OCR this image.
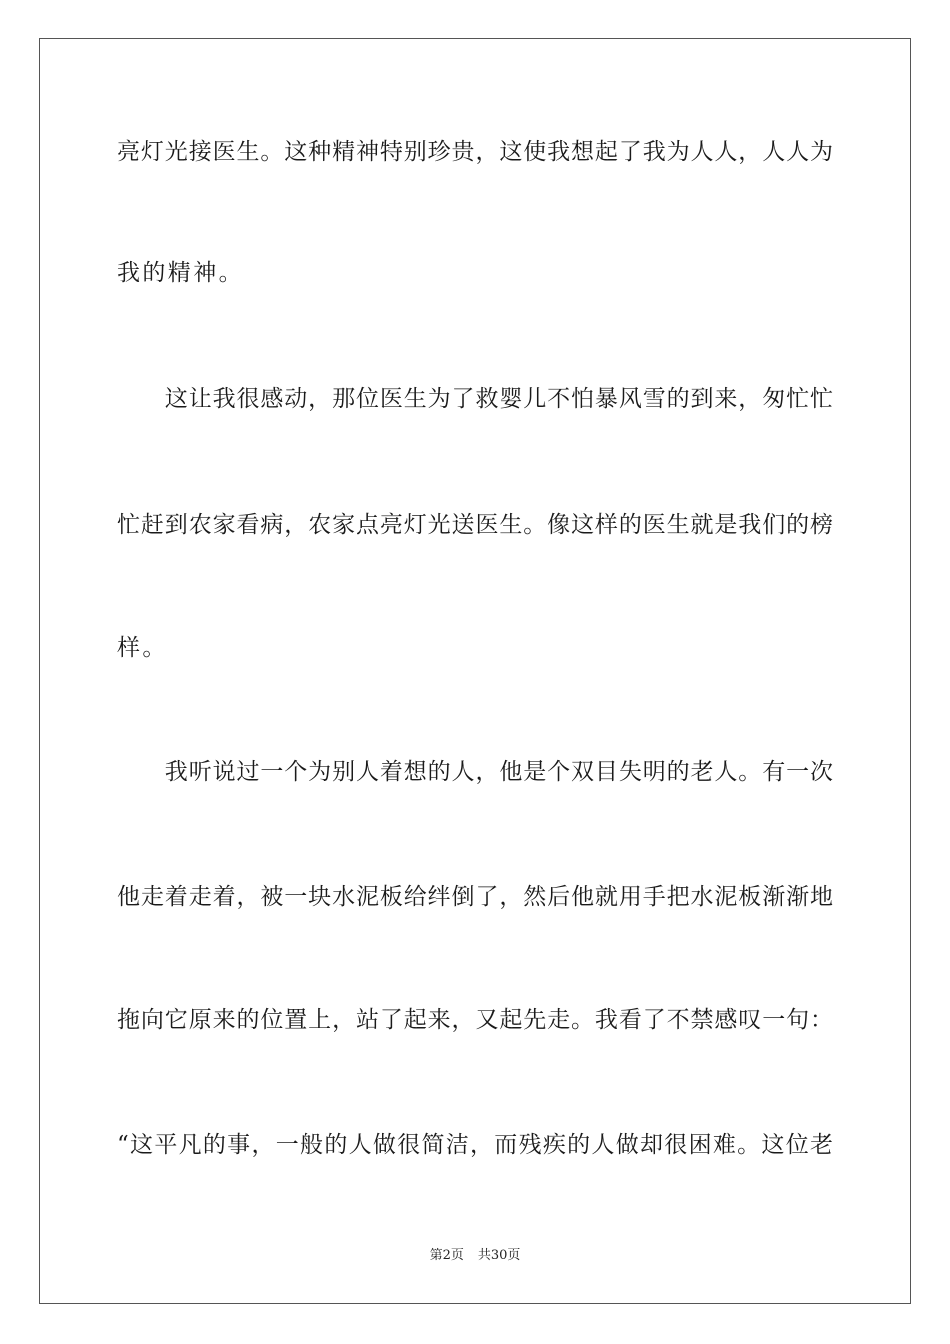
亮灯光接医生。这种精神特别珍贵，这使我想起了我为人人，人人为
我的精神。
　　这让我很感动，那位医生为了救婴儿不怕暴风雪的到来，匆忙忙
忙赶到农家看病，农家点亮灯光送医生。像这样的医生就是我们的榜
样。
　　我听说过一个为别人着想的人，他是个双目失明的老人。有一次
他走着走着，被一块水泥板给绊倒了，然后他就用手把水泥板渐渐地
拖向它原来的位置上，站了起来，又起先走。我看了不禁感叹一句：
“这平凡的事，一般的人做很简洁，而残疾的人做却很困难。这位老
第2页 共30页
